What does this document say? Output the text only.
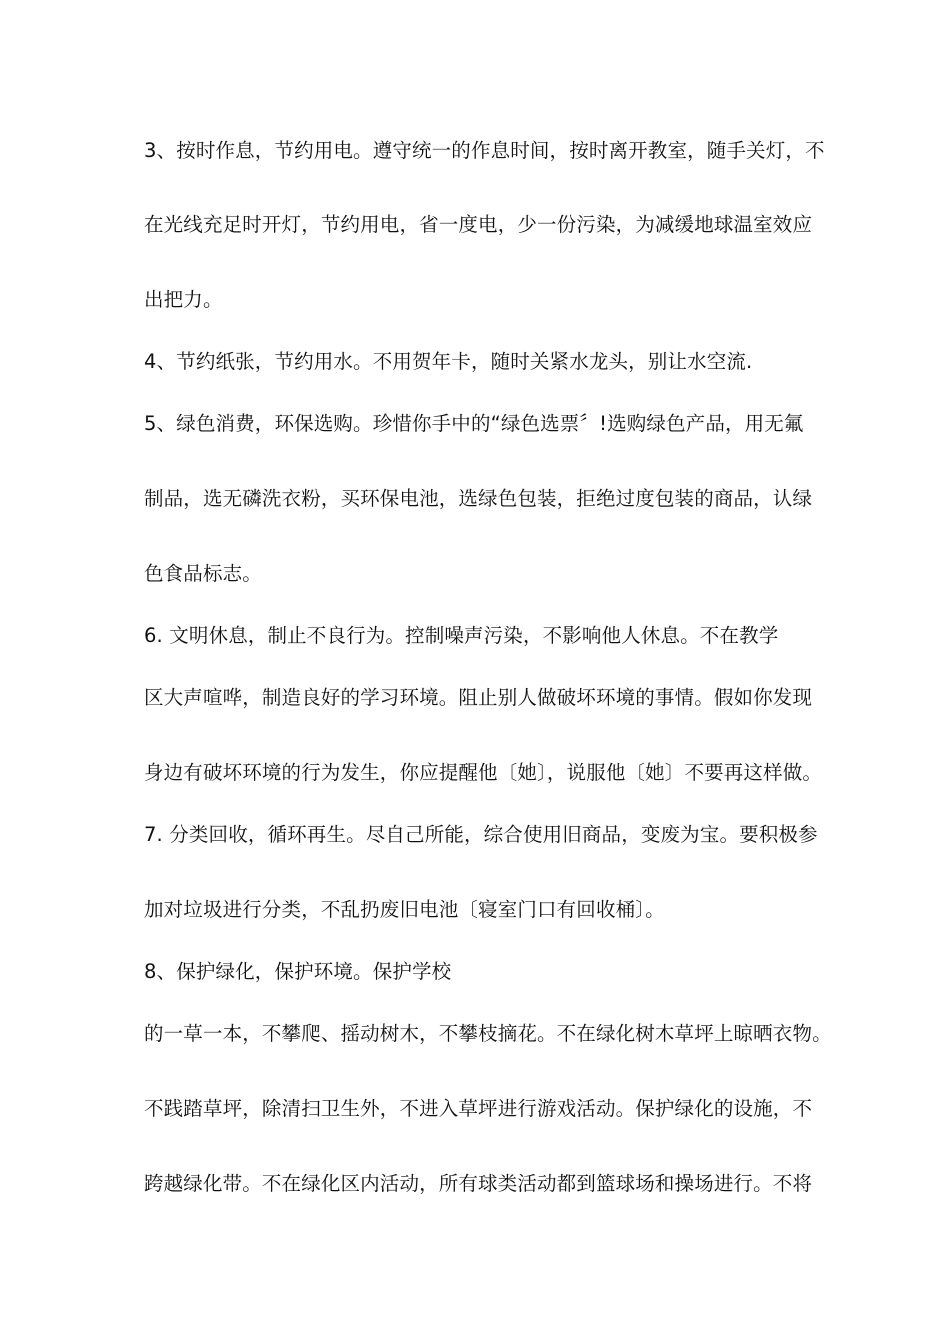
3、按时作息，节约用电。遵守统一的作息时间，按时离开教室，随手关灯，不

在光线充足时开灯，节约用电，省一度电，少一份污染，为减缓地球温室效应

出把力。

4、节约纸张，节约用水。不用贺年卡，随时关紧水龙头，别让水空流.

5、绿色消费，环保选购。珍惜你手中的“绿色选票〞!选购绿色产品，用无氟

制品，选无磷洗衣粉，买环保电池，选绿色包装，拒绝过度包装的商品，认绿

色食品标志。

6. 文明休息，制止不良行为。控制噪声污染，不影响他人休息。不在教学

区大声喧哗，制造良好的学习环境。阻止别人做破坏环境的事情。假如你发现

身边有破坏环境的行为发生，你应提醒他〔她〕，说服他〔她〕不要再这样做。

7. 分类回收，循环再生。尽自己所能，综合使用旧商品，变废为宝。要积极参

加对垃圾进行分类，不乱扔废旧电池〔寝室门口有回收桶〕。

8、保护绿化，保护环境。保护学校

的一草一本，不攀爬、摇动树木，不攀枝摘花。不在绿化树木草坪上晾晒衣物。

不践踏草坪，除清扫卫生外，不进入草坪进行游戏活动。保护绿化的设施，不

跨越绿化带。不在绿化区内活动，所有球类活动都到篮球场和操场进行。不将
